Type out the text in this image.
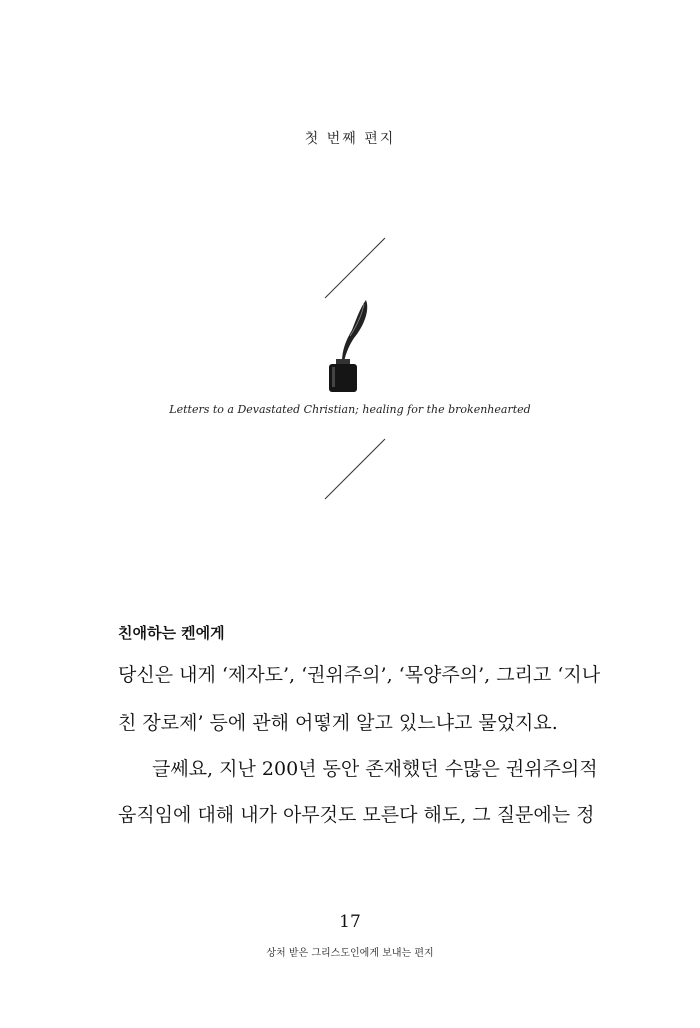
첫 번째 편지
Letters to a Devastated Christian; healing for the brokenhearted
친애하는 켄에게
당신은 내게 ‘제자도’, ‘권위주의’, ‘목양주의’, 그리고 ‘지나
친 장로제’ 등에 관해 어떻게 알고 있느냐고 물었지요.
글쎄요, 지난 200년 동안 존재했던 수많은 권위주의적
움직임에 대해 내가 아무것도 모른다 해도, 그 질문에는 정
17
상처 받은 그리스도인에게 보내는 편지
